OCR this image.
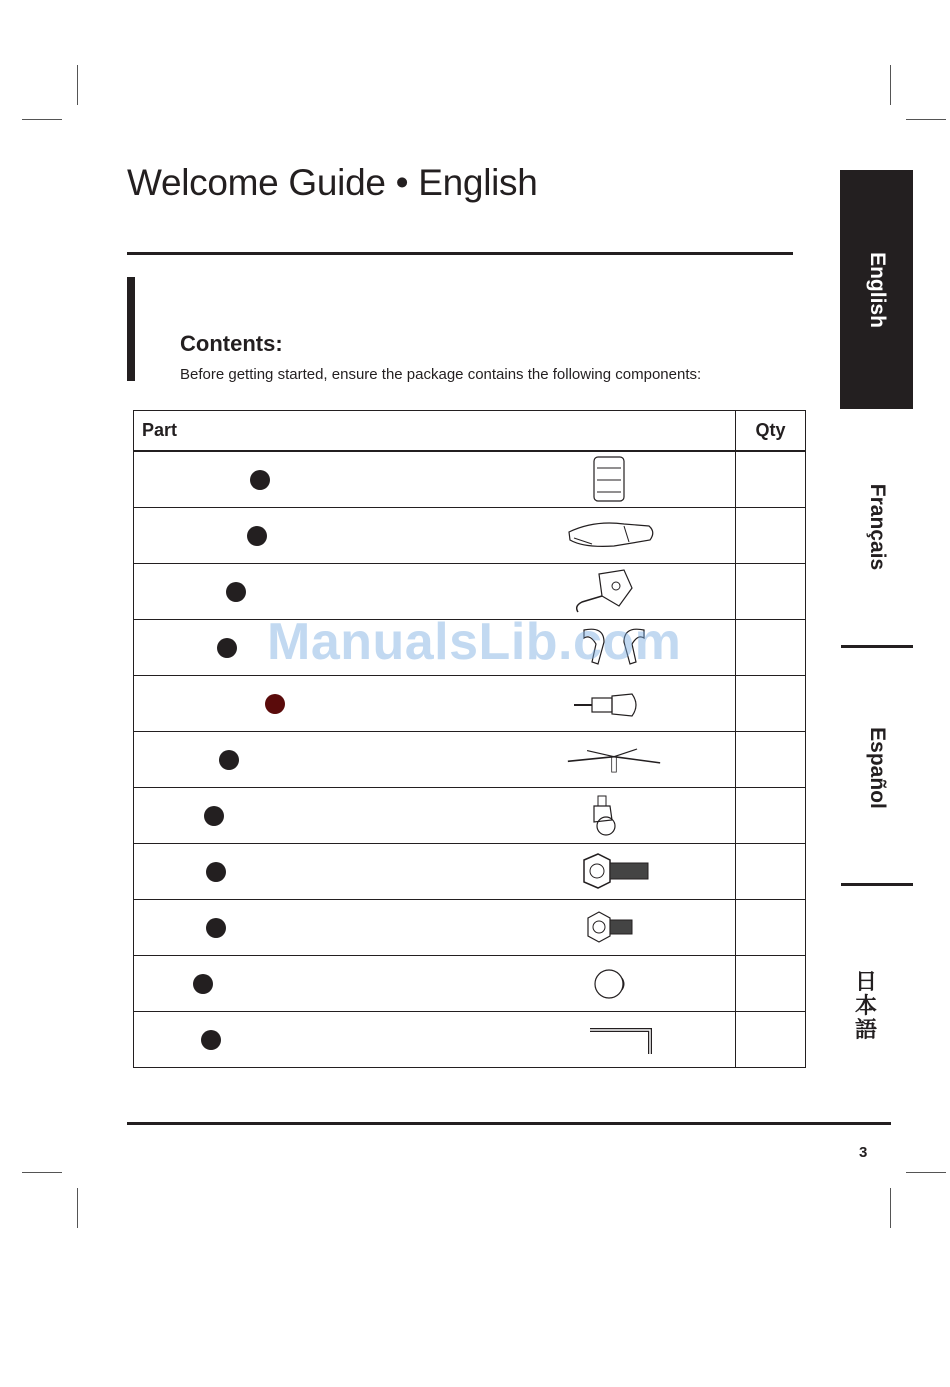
Welcome Guide • English
Contents:
Before getting started, ensure the package contains the following components:
Part	Qty

English
Français
Español
日
本
語
ManualsLib.com
3
